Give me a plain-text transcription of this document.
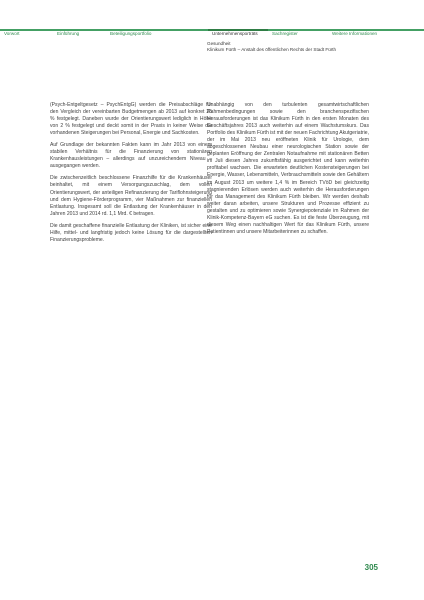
Vorwort	Einführung	Beteiligungsportfolio	Unternehmensporträts	Sachregister	Weitere Informationen
Gesundheit
Klinikum Fürth – Anstalt des öffentlichen Rechts der Stadt Fürth

(Psych-Entgeltgesetz – PsychEntgG) werden die Preisabschläge für den Vergleich der vereinbarten Budgetmengen ab 2013 auf konkret 25 % festgelegt. Daneben wurde der Orientierungswert lediglich in Höhe von 2 % festgelegt und deckt somit in der Praxis in keiner Weise die vorhandenen Steigerungen bei Personal, Energie und Sachkosten.

Auf Grundlage der bekannten Fakten kann im Jahr 2013 von einem stabilen Verhältnis für die Finanzierung von stationären Krankenhausleistungen – allerdings auf unzureichendem Niveau – ausgegangen werden.

Die zwischenzeitlich beschlossene Finanzhilfe für die Krankenhäuser beinhaltet, mit einem Versorgungszuschlag, dem vollen Orientierungswert, der anteiligen Refinanzierung der Tariflohnsteigerung und dem Hygiene-Förderprogramm, vier Maßnahmen zur finanziellen Entlastung. Insgesamt soll die Entlastung der Krankenhäuser in den Jahren 2013 und 2014 rd. 1,1 Mrd. € betragen.

Die damit geschaffene finanzielle Entlastung der Kliniken, ist sicher eine Hilfe, mittel- und langfristig jedoch keine Lösung für die dargestellten Finanzierungsprobleme.

Unabhängig von den turbulenten gesamtwirtschaftlichen Rahmenbedingungen sowie den branchenspezifischen Herausforderungen ist das Klinikum Fürth in den ersten Monaten des Geschäftsjahres 2013 auch weiterhin auf einem Wachstumskurs. Das Portfolio des Klinikum Fürth ist mit der neuen Fachrichtung Akutgeriatrie, der im Mai 2013 neu eröffneten Klinik für Urologie, dem abgeschlossenen Neubau einer neurologischen Station sowie der geplanten Eröffnung der Zentralen Notaufnahme mit stationären Betten im Juli diesen Jahres zukunftsfähig ausgerichtet und kann weiterhin profitabel wachsen. Die erwarteten deutlichen Kostensteigerungen bei Energie, Wasser, Lebensmitteln, Verbrauchsmitteln sowie den Gehältern im August 2013 um weitere 1,4 % im Bereich TVöD bei gleichzeitig stagnierenden Erlösen werden auch weiterhin die Herausforderungen für das Management des Klinikum Fürth bleiben. Wir werden deshalb weiter daran arbeiten, unsere Strukturen und Prozesse effizient zu gestalten und zu optimieren sowie Synergiepotenziale im Rahmen der Klinik-Kompetenz-Bayern eG suchen. Es ist die feste Überzeugung, mit diesem Weg einen nachhaltigen Wert für das Klinikum Fürth, unsere Patientinnen und unsere Mitarbeiterinnen zu schaffen.

305
